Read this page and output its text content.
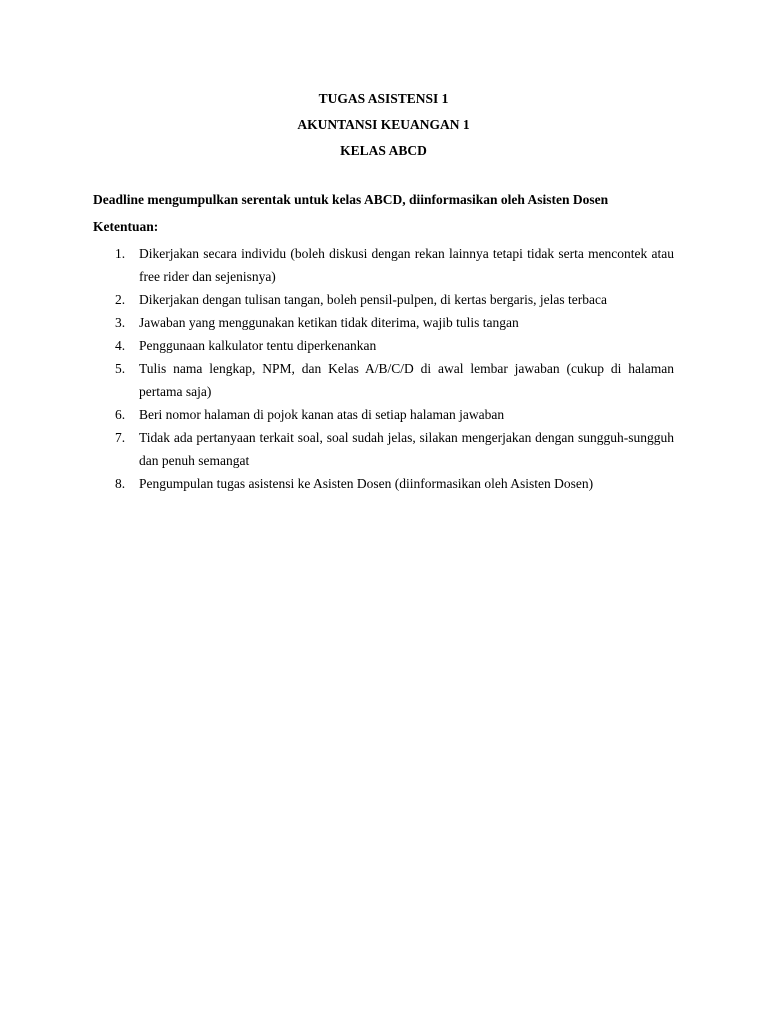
TUGAS ASISTENSI 1
AKUNTANSI KEUANGAN 1
KELAS ABCD
Deadline mengumpulkan serentak untuk kelas ABCD, diinformasikan oleh Asisten Dosen
Ketentuan:
1. Dikerjakan secara individu (boleh diskusi dengan rekan lainnya tetapi tidak serta mencontek atau free rider dan sejenisnya)
2. Dikerjakan dengan tulisan tangan, boleh pensil-pulpen, di kertas bergaris, jelas terbaca
3. Jawaban yang menggunakan ketikan tidak diterima, wajib tulis tangan
4. Penggunaan kalkulator tentu diperkenankan
5. Tulis nama lengkap, NPM, dan Kelas A/B/C/D di awal lembar jawaban (cukup di halaman pertama saja)
6. Beri nomor halaman di pojok kanan atas di setiap halaman jawaban
7. Tidak ada pertanyaan terkait soal, soal sudah jelas, silakan mengerjakan dengan sungguh-sungguh dan penuh semangat
8. Pengumpulan tugas asistensi ke Asisten Dosen (diinformasikan oleh Asisten Dosen)
